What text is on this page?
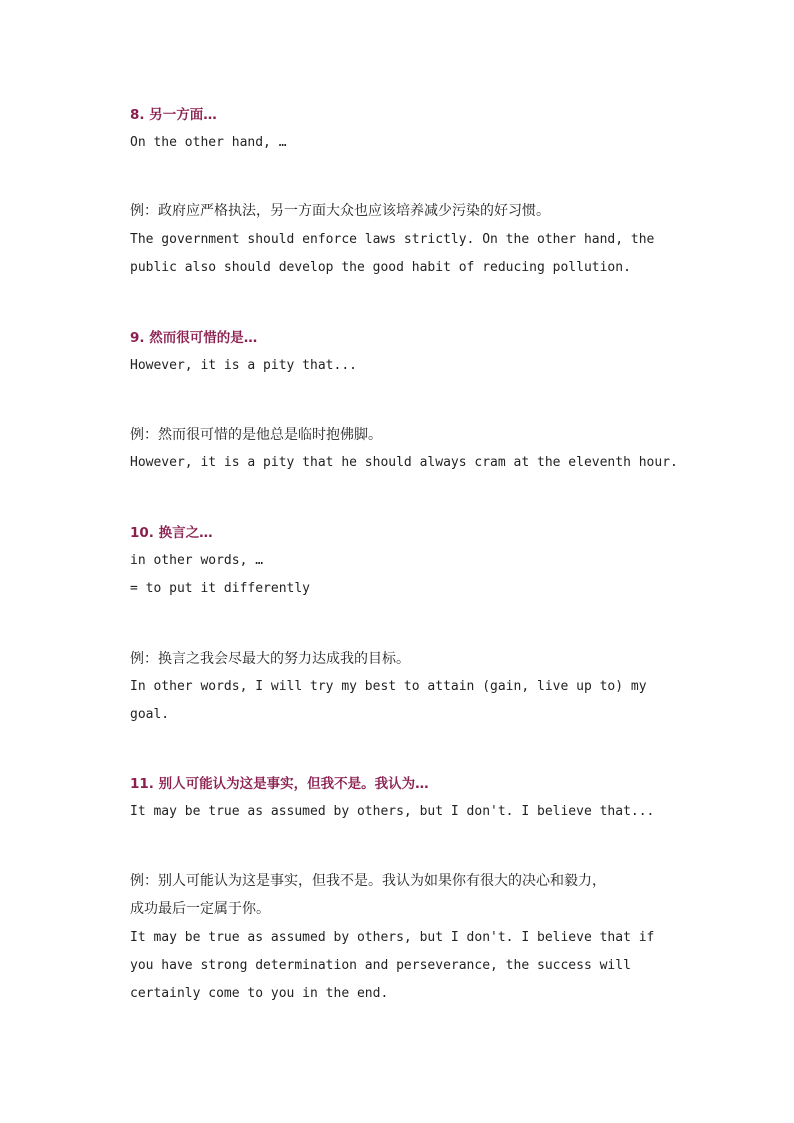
8. 另一方面…
On the other hand, …
例：政府应严格执法，另一方面大众也应该培养减少污染的好习惯。
The government should enforce laws strictly. On the other hand, the
public also should develop the good habit of reducing pollution.
9. 然而很可惜的是…
However, it is a pity that...
例：然而很可惜的是他总是临时抱佛脚。
However, it is a pity that he should always cram at the eleventh hour.
10. 换言之…
in other words, …
= to put it differently
例：换言之我会尽最大的努力达成我的目标。
In other words, I will try my best to attain (gain, live up to) my
goal.
11. 别人可能认为这是事实，但我不是。我认为…
It may be true as assumed by others, but I don't. I believe that...
例：别人可能认为这是事实，但我不是。我认为如果你有很大的决心和毅力，
成功最后一定属于你。
It may be true as assumed by others, but I don't. I believe that if
you have strong determination and perseverance, the success will
certainly come to you in the end.
